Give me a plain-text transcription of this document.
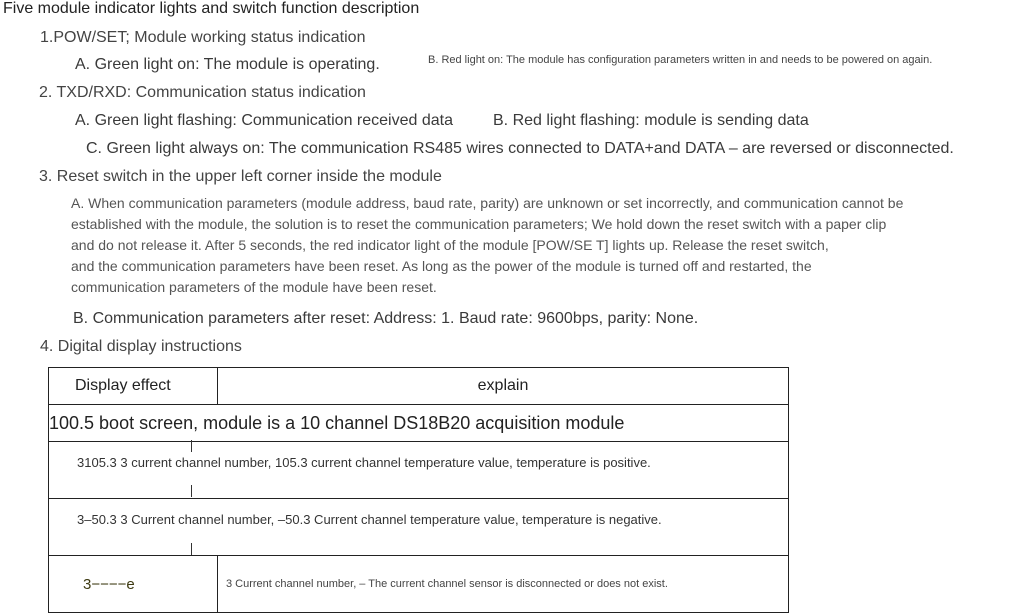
Five module indicator lights and switch function description
1.POW/SET; Module working status indication
A. Green light on: The module is operating.	B. Red light on: The module has configuration parameters written in and needs to be powered on again.
2. TXD/RXD: Communication status indication
A. Green light flashing: Communication received data	B. Red light flashing: module is sending data
C. Green light always on: The communication RS485 wires connected to DATA+and DATA – are reversed or disconnected.
3. Reset switch in the upper left corner inside the module
A. When communication parameters (module address, baud rate, parity) are unknown or set incorrectly, and communication cannot be
established with the module, the solution is to reset the communication parameters; We hold down the reset switch with a paper clip
and do not release it. After 5 seconds, the red indicator light of the module [POW/SE T] lights up. Release the reset switch,
and the communication parameters have been reset. As long as the power of the module is turned off and restarted, the
communication parameters of the module have been reset.
B. Communication parameters after reset: Address: 1. Baud rate: 9600bps, parity: None.
4. Digital display instructions
Display effect	explain
100.5 boot screen, module is a 10 channel DS18B20 acquisition module	

3105.3 3 current channel number, 105.3 current channel temperature value, temperature is positive.	

3–50.3 3 Current channel number, –50.3 Current channel temperature value, temperature is negative.	

3−−−−e	3 Current channel number, – The current channel sensor is disconnected or does not exist.
